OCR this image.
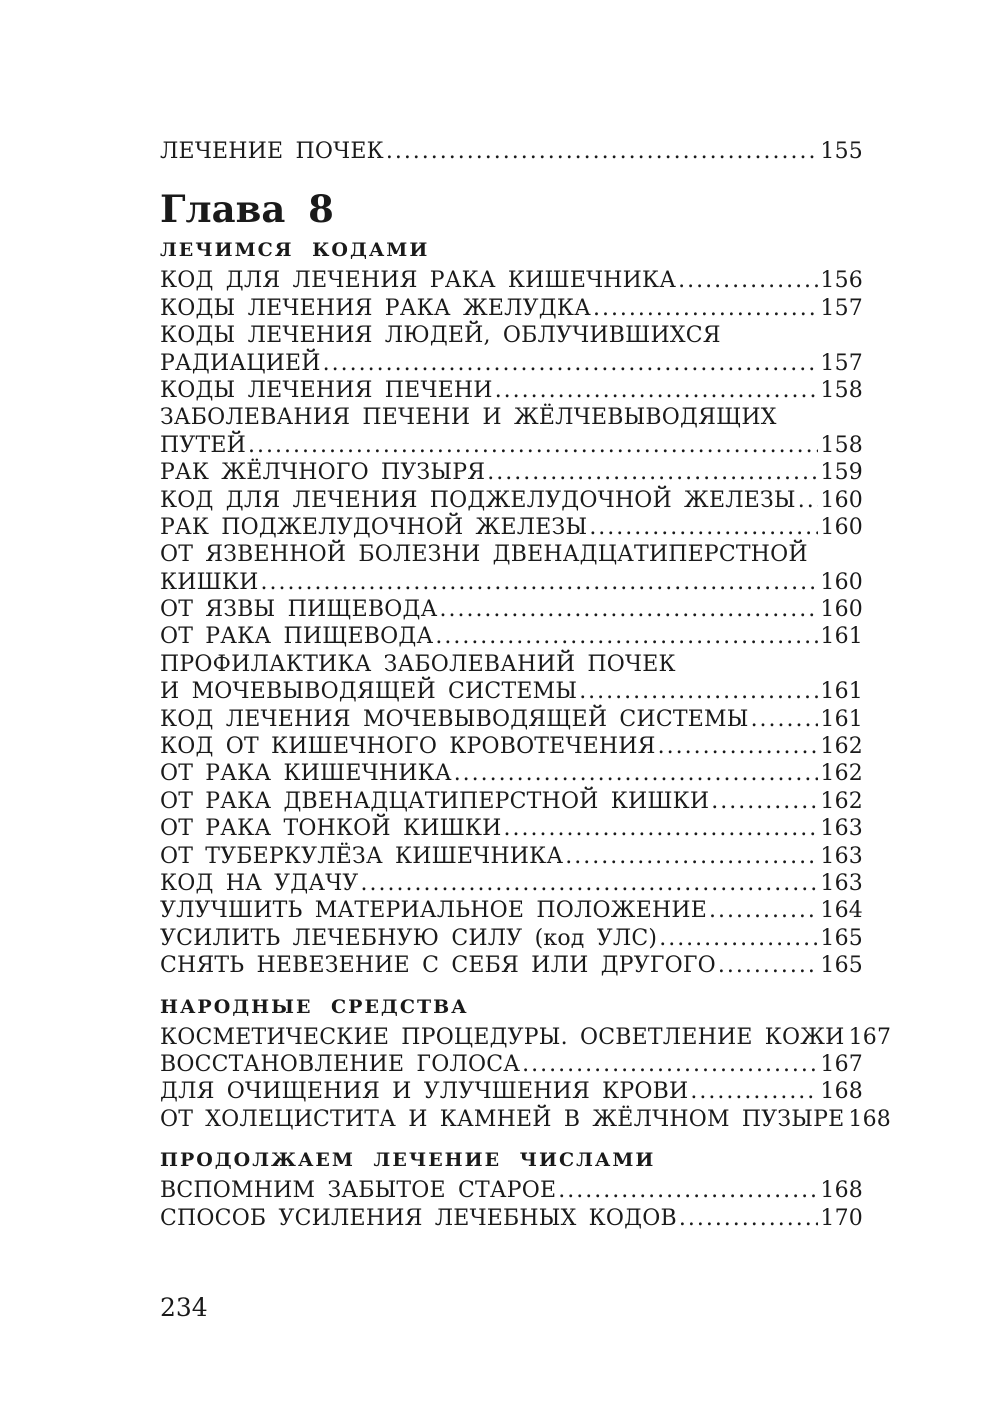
ЛЕЧЕНИЕ ПОЧЕК .....	155
Глава 8
ЛЕЧИМСЯ КОДАМИ
КОД ДЛЯ ЛЕЧЕНИЯ РАКА КИШЕЧНИКА .....	156
КОДЫ ЛЕЧЕНИЯ РАКА ЖЕЛУДКА .....	157
КОДЫ ЛЕЧЕНИЯ ЛЮДЕЙ, ОБЛУЧИВШИХСЯ
РАДИАЦИЕЙ .....	157
КОДЫ ЛЕЧЕНИЯ ПЕЧЕНИ .....	158
ЗАБОЛЕВАНИЯ ПЕЧЕНИ И ЖЁЛЧЕВЫВОДЯЩИХ
ПУТЕЙ .....	158
РАК ЖЁЛЧНОГО ПУЗЫРЯ .....	159
КОД ДЛЯ ЛЕЧЕНИЯ ПОДЖЕЛУДОЧНОЙ ЖЕЛЕЗЫ ..... 160
РАК ПОДЖЕЛУДОЧНОЙ ЖЕЛЕЗЫ .....	160
ОТ ЯЗВЕННОЙ БОЛЕЗНИ ДВЕНАДЦАТИПЕРСТНОЙ
КИШКИ .....	160
ОТ ЯЗВЫ ПИЩЕВОДА .....	160
ОТ РАКА ПИЩЕВОДА .....	161
ПРОФИЛАКТИКА ЗАБОЛЕВАНИЙ ПОЧЕК
И МОЧЕВЫВОДЯЩЕЙ СИСТЕМЫ .....	161
КОД ЛЕЧЕНИЯ МОЧЕВЫВОДЯЩЕЙ СИСТЕМЫ .....	161
КОД ОТ КИШЕЧНОГО КРОВОТЕЧЕНИЯ .....	162
ОТ РАКА КИШЕЧНИКА .....	162
ОТ РАКА ДВЕНАДЦАТИПЕРСТНОЙ КИШКИ .....	162
ОТ РАКА ТОНКОЙ КИШКИ .....	163
ОТ ТУБЕРКУЛЁЗА КИШЕЧНИКА .....	163
КОД НА УДАЧУ .....	163
УЛУЧШИТЬ МАТЕРИАЛЬНОЕ ПОЛОЖЕНИЕ .....	164
УСИЛИТЬ ЛЕЧЕБНУЮ СИЛУ (код УЛС) .....	165
СНЯТЬ НЕВЕЗЕНИЕ С СЕБЯ ИЛИ ДРУГОГО .....	165
НАРОДНЫЕ СРЕДСТВА
КОСМЕТИЧЕСКИЕ ПРОЦЕДУРЫ. ОСВЕТЛЕНИЕ КОЖИ 167
ВОССТАНОВЛЕНИЕ ГОЛОСА .....	167
ДЛЯ ОЧИЩЕНИЯ И УЛУЧШЕНИЯ КРОВИ .....	168
ОТ ХОЛЕЦИСТИТА И КАМНЕЙ В ЖЁЛЧНОМ ПУЗЫРЕ 168
ПРОДОЛЖАЕМ ЛЕЧЕНИЕ ЧИСЛАМИ
ВСПОМНИМ ЗАБЫТОЕ СТАРОЕ .....	168
СПОСОБ УСИЛЕНИЯ ЛЕЧЕБНЫХ КОДОВ .....	170
234
